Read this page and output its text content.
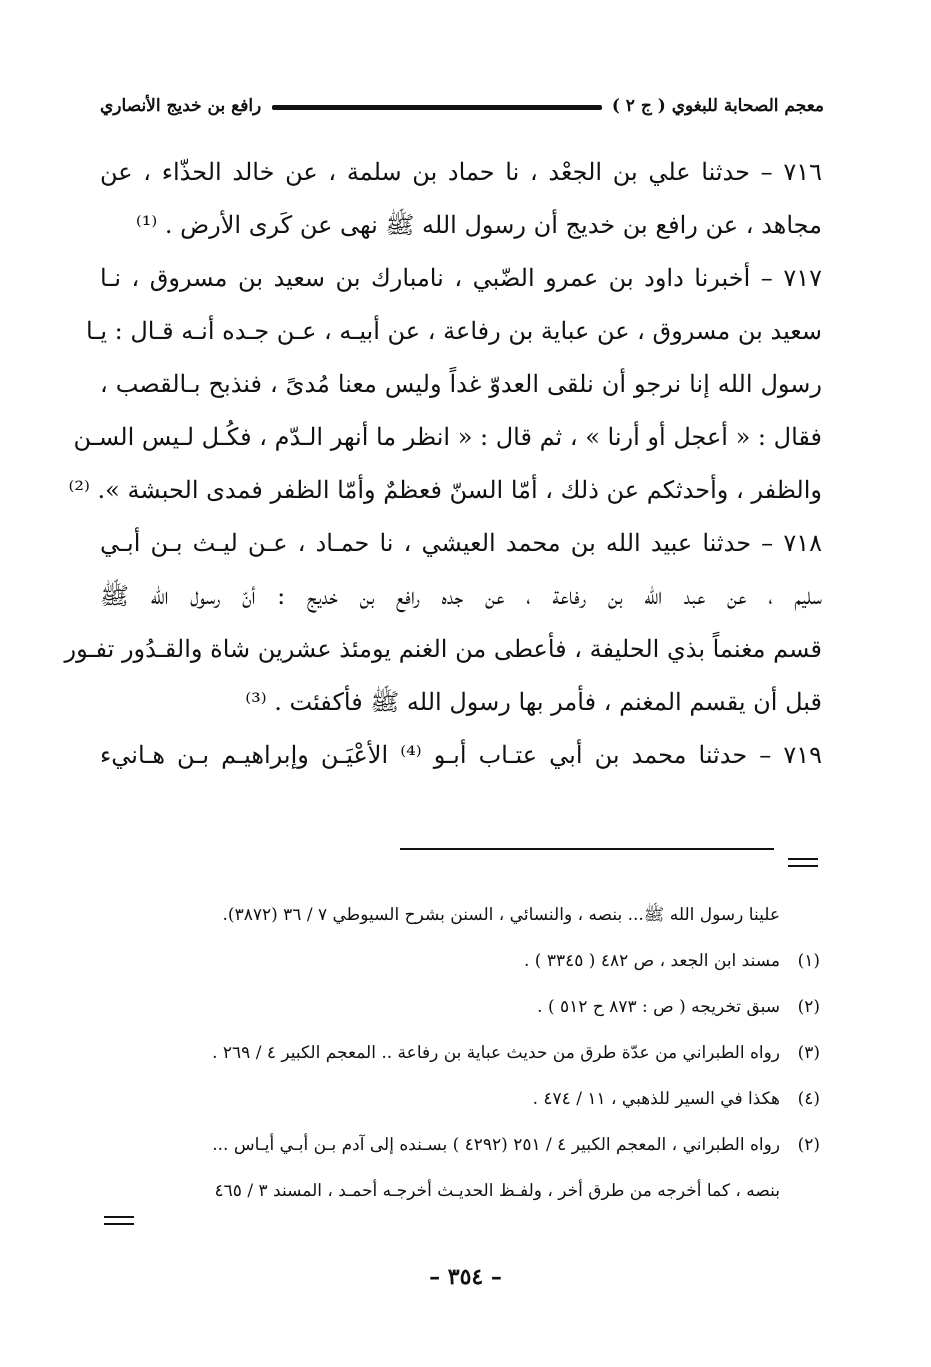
معجم الصحابة للبغوي ( ج ٢ )
رافع بن خديج الأنصاري
٧١٦ – حدثنا علي بن الجعْد ، نا حماد بن سلمة ، عن خالد الحذّاء ، عن
مجاهد ، عن رافع بن خديج أن رسول الله ﷺ نهى عن كَرى الأرض . ⁽¹⁾
٧١٧ – أخبرنا داود بن عمرو الضّبي ، نامبارك بن سعيد بن مسروق ، نـا
سعيد بن مسروق ، عن عباية بن رفاعة ، عن أبيـه ، عـن جـده أنـه قـال : يـا
رسول الله إنا نرجو أن نلقى العدوّ غداً وليس معنا مُدىً ، فنذبح بـالقصب ،
فقال : « أعجل أو أرنا » ، ثم قال : « انظر ما أنهر الـدّم ، فكُـل لـيس السـن
والظفر ، وأحدثكم عن ذلك ، أمّا السنّ فعظمٌ وأمّا الظفر فمدى الحبشة ». ⁽²⁾
٧١٨ – حدثنا عبيد الله بن محمد العيشي ، نا حمـاد ، عـن ليـث بـن أبـي
سليم ، عن عبد الله بن رفاعة ، عن جده رافع بن خديج : أنّ رسول الله ﷺ
قسم مغنماً بذي الحليفة ، فأعطى من الغنم يومئذ عشرين شاة والقـدُور تفـور
قبل أن يقسم المغنم ، فأمر بها رسول الله ﷺ فأكفئت . ⁽³⁾
٧١٩ – حدثنا محمد بن أبي عتـاب أبـو ⁽⁴⁾ الأعْيَـن وإبراهيـم بـن هـانيء
علينا رسول الله ﷺ... بنصه ، والنسائي ، السنن بشرح السيوطي ٧ / ٣٦ (٣٨٧٢).
(١)مسند ابن الجعد ، ص ٤٨٢ ( ٣٣٤٥ ) .
(٢)سبق تخريجه ( ص : ٨٧٣ ح ٥١٢ ) .
(٣)رواه الطبراني من عدّة طرق من حديث عباية بن رفاعة .. المعجم الكبير ٤ / ٢٦٩ .
(٤)هكذا في السير للذهبي ، ١١ / ٤٧٤ .
(٢)رواه الطبراني ، المعجم الكبير ٤ / ٢٥١ (٤٢٩٢ ) بسـنده إلى آدم بـن أبـي أيـاس ...
بنصه ، كما أخرجه من طرق أخر ، ولفـظ الحديـث أخرجـه أحمـد ، المسند ٣ / ٤٦٥
– ٣٥٤ –
